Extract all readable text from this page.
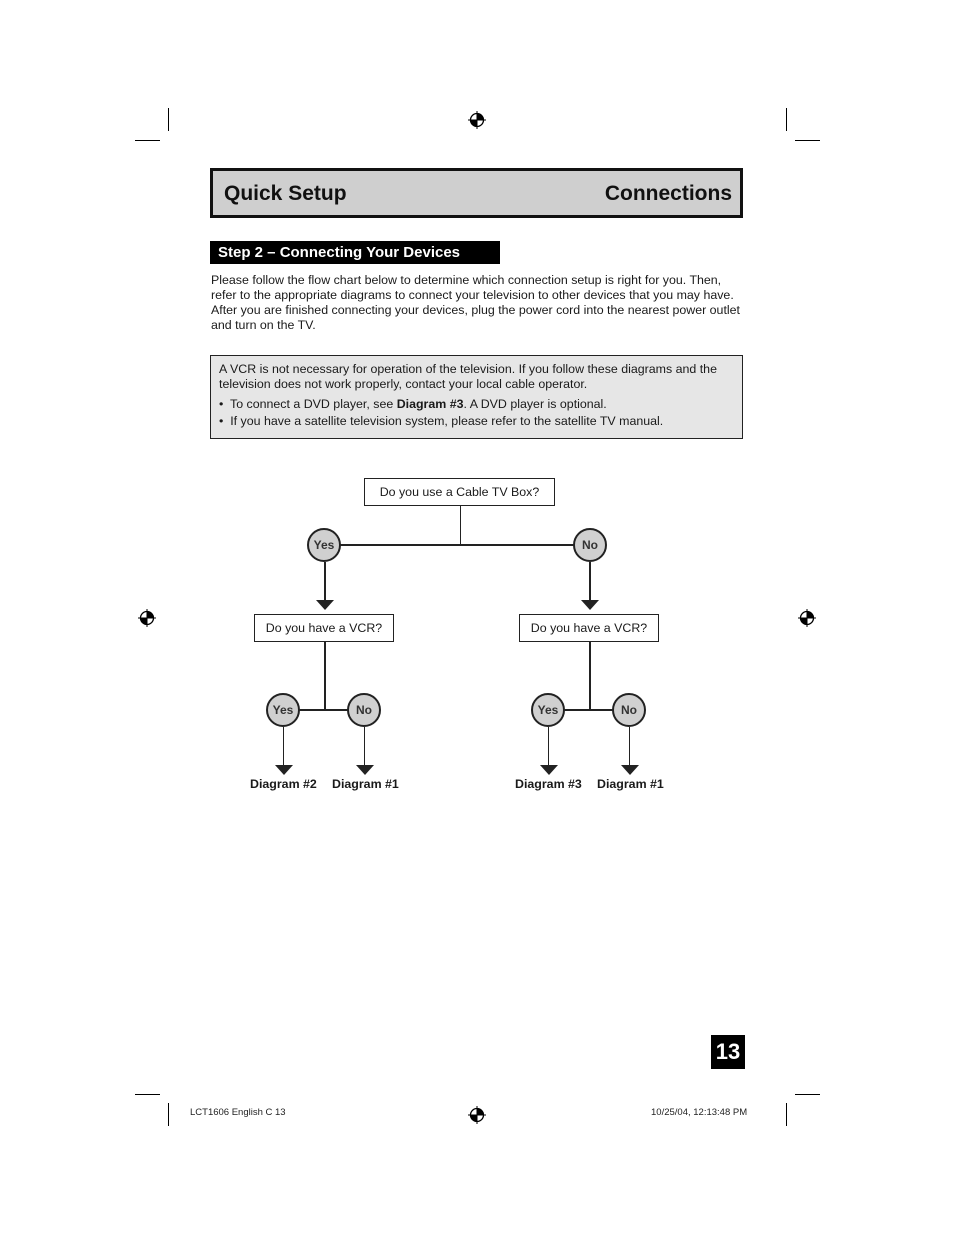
Quick Setup	Connections
Step 2 – Connecting Your Devices
Please follow the flow chart below to determine which connection setup is right for you. Then, refer to the appropriate diagrams to connect your television to other devices that you may have. After you are finished connecting your devices, plug the power cord into the nearest power outlet and turn on the TV.
A VCR is not necessary for operation of the television. If you follow these diagrams and the television does not work properly, contact your local cable operator.
•  To connect a DVD player, see Diagram #3. A DVD player is optional.
•  If you have a satellite television system, please refer to the satellite TV manual.
Do you use a Cable TV Box?
Yes	No
Do you have a VCR?	Do you have a VCR?
Yes	No	Yes	No
Diagram #2 Diagram #1	Diagram #3 Diagram #1
13
LCT1606 English C 13	10/25/04, 12:13:48 PM
